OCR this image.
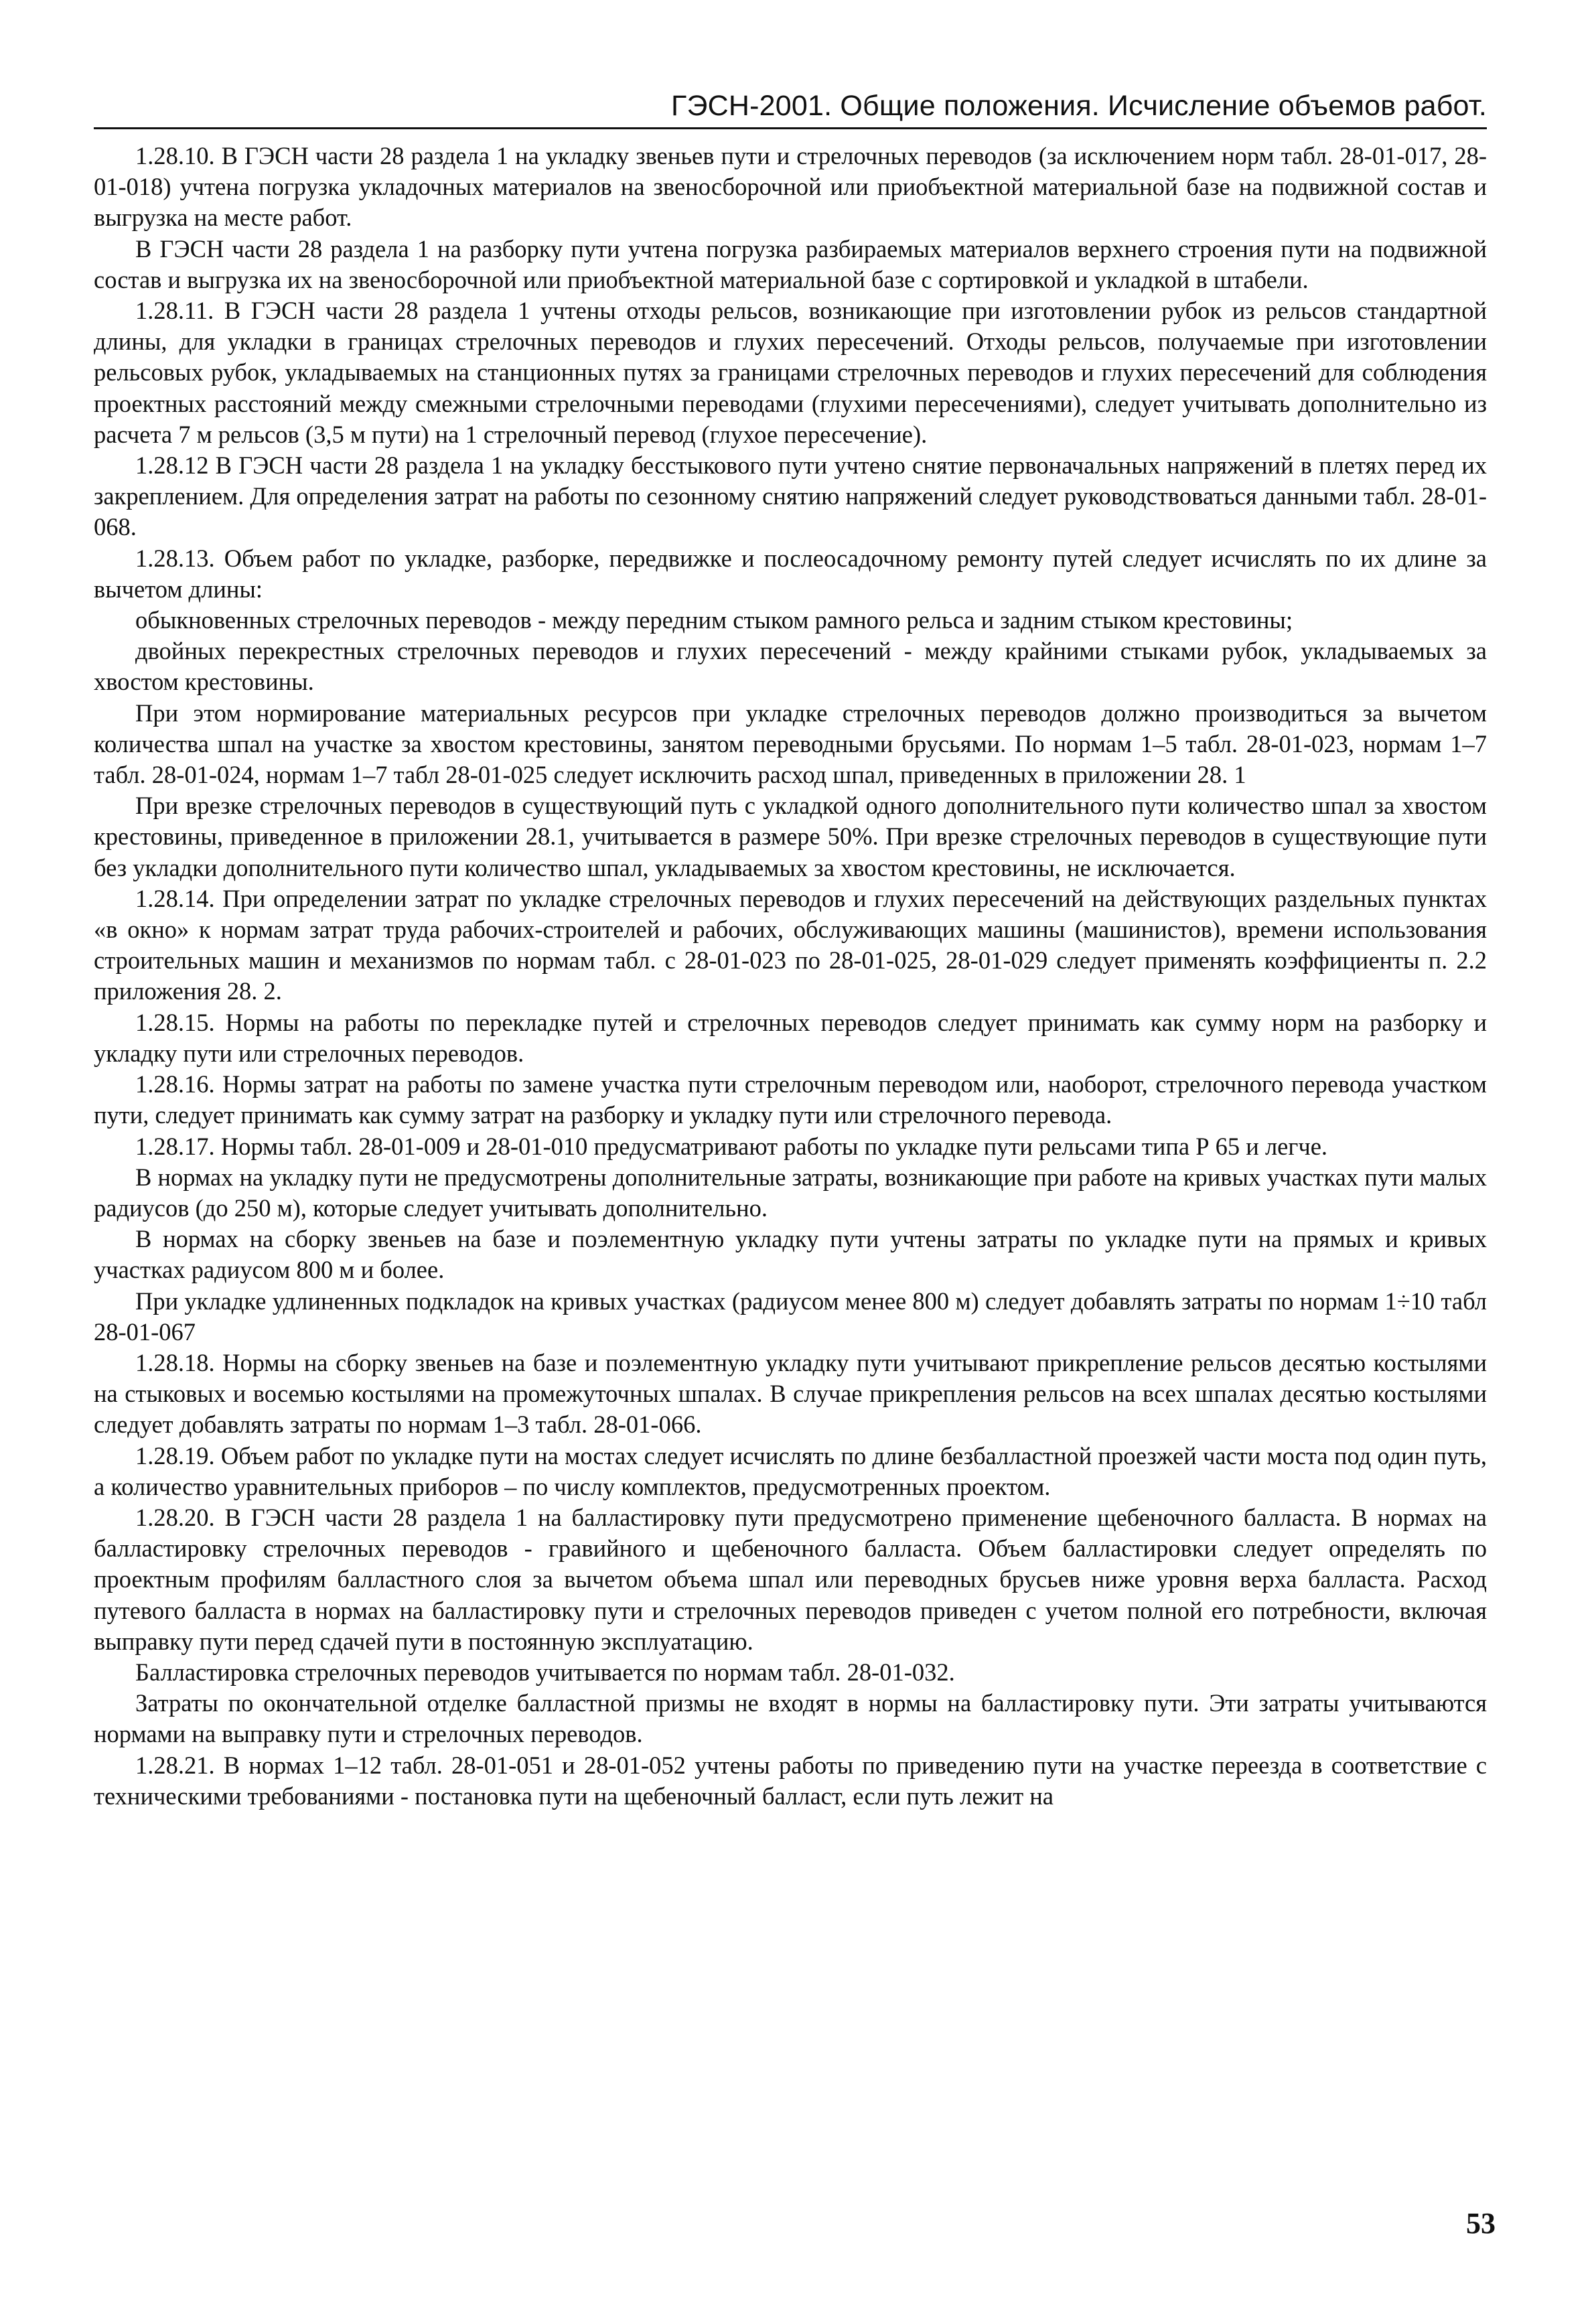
ГЭСН-2001. Общие положения. Исчисление объемов работ.

1.28.10. В ГЭСН части 28 раздела 1 на укладку звеньев пути и стрелочных переводов (за исключением норм табл. 28-01-017, 28-01-018) учтена погрузка укладочных материалов на звеносборочной или приобъектной материальной базе на подвижной состав и выгрузка на месте работ.

В ГЭСН части 28 раздела 1 на разборку пути учтена погрузка разбираемых материалов верхнего строения пути на подвижной состав и выгрузка их на звеносборочной или приобъектной материальной базе с сортировкой и укладкой в штабели.

1.28.11. В ГЭСН части 28 раздела 1 учтены отходы рельсов, возникающие при изготовлении рубок из рельсов стандартной длины, для укладки в границах стрелочных переводов и глухих пересечений. Отходы рельсов, получаемые при изготовлении рельсовых рубок, укладываемых на станционных путях за границами стрелочных переводов и глухих пересечений для соблюдения проектных расстояний между смежными стрелочными переводами (глухими пересечениями), следует учитывать дополнительно из расчета 7 м рельсов (3,5 м пути) на 1 стрелочный перевод (глухое пересечение).

1.28.12 В ГЭСН части 28 раздела 1 на укладку бесстыкового пути учтено снятие первоначальных напряжений в плетях перед их закреплением. Для определения затрат на работы по сезонному снятию напряжений следует руководствоваться данными табл. 28-01-068.

1.28.13. Объем работ по укладке, разборке, передвижке и послеосадочному ремонту путей следует исчислять по их длине за вычетом длины:

обыкновенных стрелочных переводов - между передним стыком рамного рельса и задним стыком крестовины;

двойных перекрестных стрелочных переводов и глухих пересечений - между крайними стыками рубок, укладываемых за хвостом крестовины.

При этом нормирование материальных ресурсов при укладке стрелочных переводов должно производиться за вычетом количества шпал на участке за хвостом крестовины, занятом переводными брусьями. По нормам 1–5 табл. 28-01-023, нормам 1–7 табл. 28-01-024, нормам 1–7 табл 28-01-025 следует исключить расход шпал, приведенных в приложении 28. 1

При врезке стрелочных переводов в существующий путь с укладкой одного дополнительного пути количество шпал за хвостом крестовины, приведенное в приложении 28.1, учитывается в размере 50%. При врезке стрелочных переводов в существующие пути без укладки дополнительного пути количество шпал, укладываемых за хвостом крестовины, не исключается.

1.28.14. При определении затрат по укладке стрелочных переводов и глухих пересечений на действующих раздельных пунктах «в окно» к нормам затрат труда рабочих-строителей и рабочих, обслуживающих машины (машинистов), времени использования строительных машин и механизмов по нормам табл. с 28-01-023 по 28-01-025, 28-01-029 следует применять коэффициенты п. 2.2 приложения 28. 2.

1.28.15. Нормы на работы по перекладке путей и стрелочных переводов следует принимать как сумму норм на разборку и укладку пути или стрелочных переводов.

1.28.16. Нормы затрат на работы по замене участка пути стрелочным переводом или, наоборот, стрелочного перевода участком пути, следует принимать как сумму затрат на разборку и укладку пути или стрелочного перевода.

1.28.17. Нормы табл. 28-01-009 и 28-01-010 предусматривают работы по укладке пути рельсами типа Р 65 и легче.

В нормах на укладку пути не предусмотрены дополнительные затраты, возникающие при работе на кривых участках пути малых радиусов (до 250 м), которые следует учитывать дополнительно.

В нормах на сборку звеньев на базе и поэлементную укладку пути учтены затраты по укладке пути на прямых и кривых участках радиусом 800 м и более.

При укладке удлиненных подкладок на кривых участках (радиусом менее 800 м) следует добавлять затраты по нормам 1÷10 табл 28-01-067

1.28.18. Нормы на сборку звеньев на базе и поэлементную укладку пути учитывают прикрепление рельсов десятью костылями на стыковых и восемью костылями на промежуточных шпалах. В случае прикрепления рельсов на всех шпалах десятью костылями следует добавлять затраты по нормам 1–3 табл. 28-01-066.

1.28.19. Объем работ по укладке пути на мостах следует исчислять по длине безбалластной проезжей части моста под один путь, а количество уравнительных приборов – по числу комплектов, предусмотренных проектом.

1.28.20. В ГЭСН части 28 раздела 1 на балластировку пути предусмотрено применение щебеночного балласта. В нормах на балластировку стрелочных переводов - гравийного и щебеночного балласта. Объем балластировки следует определять по проектным профилям балластного слоя за вычетом объема шпал или переводных брусьев ниже уровня верха балласта. Расход путевого балласта в нормах на балластировку пути и стрелочных переводов приведен с учетом полной его потребности, включая выправку пути перед сдачей пути в постоянную эксплуатацию.

Балластировка стрелочных переводов учитывается по нормам табл. 28-01-032.

Затраты по окончательной отделке балластной призмы не входят в нормы на балластировку пути. Эти затраты учитываются нормами на выправку пути и стрелочных переводов.

1.28.21. В нормах 1–12 табл. 28-01-051 и 28-01-052 учтены работы по приведению пути на участке переезда в соответствие с техническими требованиями - постановка пути на щебеночный балласт, если путь лежит на

53
